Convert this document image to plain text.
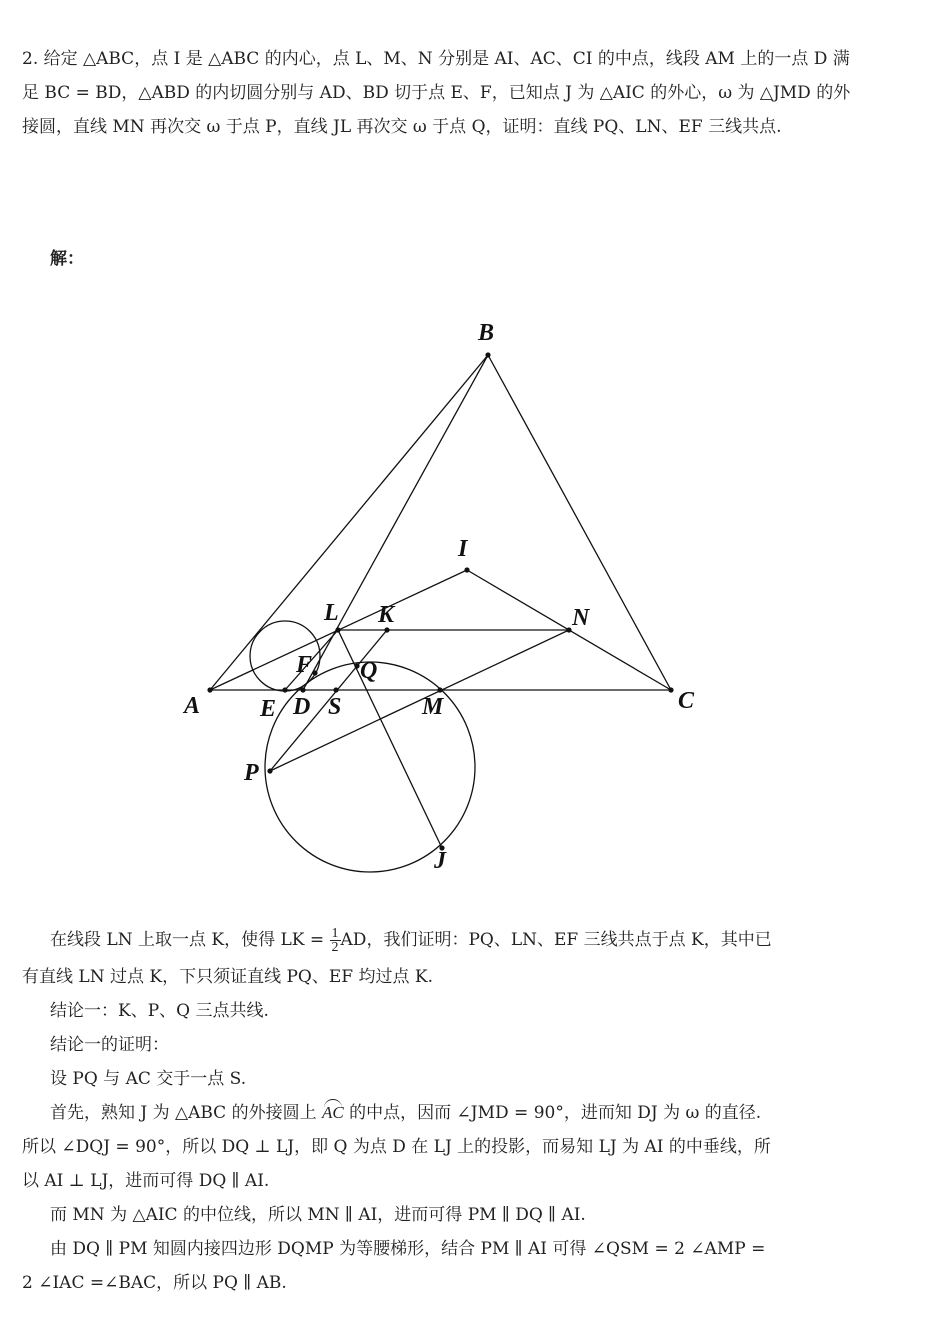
2. 给定 △ABC，点 I 是 △ABC 的内心，点 L、M、N 分别是 AI、AC、CI 的中点，线段 AM 上的一点 D 满足 BC = BD，△ABD 的内切圆分别与 AD、BD 切于点 E、F，已知点 J 为 △AIC 的外心，ω 为 △JMD 的外接圆，直线 MN 再次交 ω 于点 P，直线 JL 再次交 ω 于点 Q，证明：直线 PQ、LN、EF 三线共点.
解：
A
B
C
I
L K	N
F Q
E D S	M
P
J
在线段 LN 上取一点 K，使得 LK = $\frac{1}{2}$ AD，我们证明：PQ、LN、EF 三线共点于点 K，其中已
有直线 LN 过点 K，下只须证直线 PQ、EF 均过点 K.
结论一：K、P、Q 三点共线.
结论一的证明：
设 PQ 与 AC 交于一点 S.
首先，熟知 J 为 △ABC 的外接圆上 AC 的中点，因而 ∠JMD = 90°，进而知 DJ 为 ω 的直径.
所以 ∠DQJ = 90°，所以 DQ ⊥ LJ，即 Q 为点 D 在 LJ 上的投影，而易知 LJ 为 AI 的中垂线，所
以 AI ⊥ LJ，进而可得 DQ ∥ AI.
而 MN 为 △AIC 的中位线，所以 MN ∥ AI，进而可得 PM ∥ DQ ∥ AI.
由 DQ ∥ PM 知圆内接四边形 DQMP 为等腰梯形，结合 PM ∥ AI 可得 ∠QSM = 2 ∠AMP =
2 ∠IAC =∠BAC，所以 PQ ∥ AB.
